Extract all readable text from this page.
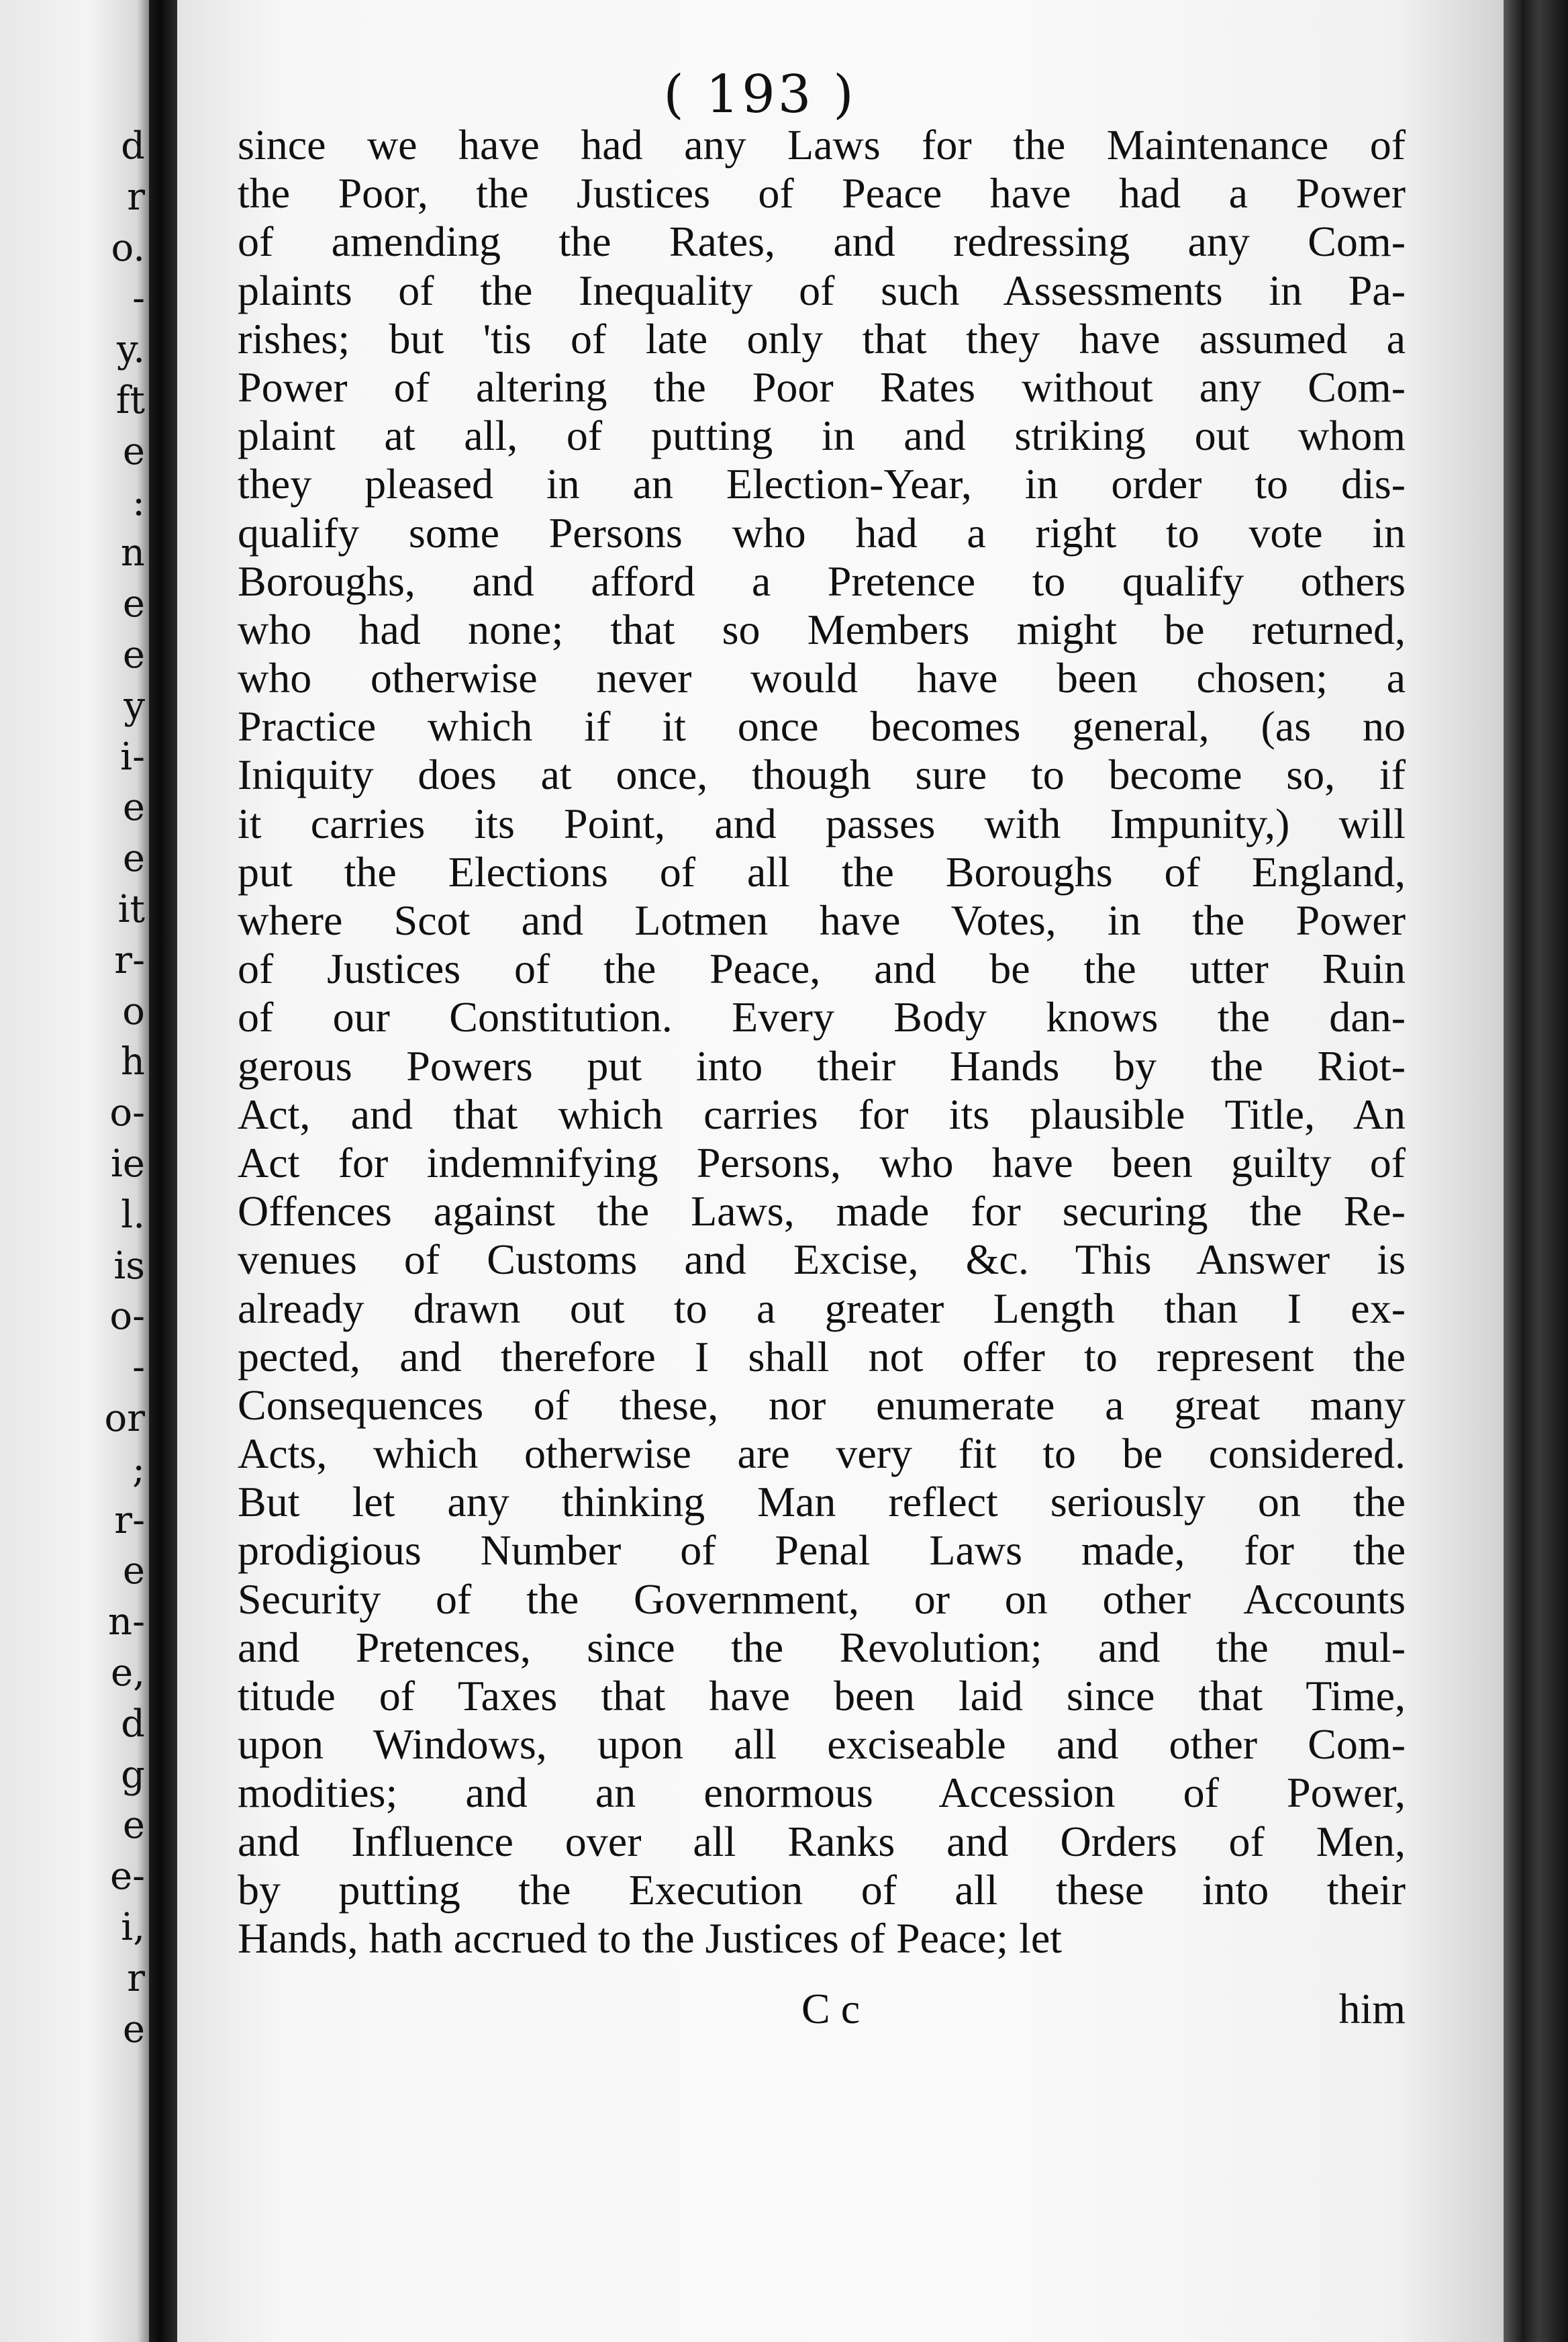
d
r
o.
-
y.
ft
e
:
n
e
e
y
i-
e
e
it
r-
o
h
o-
ie
l.
is
o-
-
or
;
r-
e
n-
e,
d
g
e
e-
i,
r
e
( 193 )
since we have had any Laws for the Maintenance of
the Poor, the Justices of Peace have had a Power
of amending the Rates, and redressing any Com-
plaints of the Inequality of such Assessments in Pa-
rishes; but 'tis of late only that they have assumed a
Power of altering the Poor Rates without any Com-
plaint at all, of putting in and striking out whom
they pleased in an Election-Year, in order to dis-
qualify some Persons who had a right to vote in
Boroughs, and afford a Pretence to qualify others
who had none; that so Members might be returned,
who otherwise never would have been chosen; a
Practice which if it once becomes general, (as no
Iniquity does at once, though sure to become so, if
it carries its Point, and passes with Impunity,) will
put the Elections of all the Boroughs of England,
where Scot and Lotmen have Votes, in the Power
of Justices of the Peace, and be the utter Ruin
of our Constitution. Every Body knows the dan-
gerous Powers put into their Hands by the Riot-
Act, and that which carries for its plausible Title, An
Act for indemnifying Persons, who have been guilty of
Offences against the Laws, made for securing the Re-
venues of Customs and Excise, &c. This Answer is
already drawn out to a greater Length than I ex-
pected, and therefore I shall not offer to represent the
Consequences of these, nor enumerate a great many
Acts, which otherwise are very fit to be considered.
But let any thinking Man reflect seriously on the
prodigious Number of Penal Laws made, for the
Security of the Government, or on other Accounts
and Pretences, since the Revolution; and the mul-
titude of Taxes that have been laid since that Time,
upon Windows, upon all exciseable and other Com-
modities; and an enormous Accession of Power,
and Influence over all Ranks and Orders of Men,
by putting the Execution of all these into their
Hands, hath accrued to the Justices of Peace; let
C c	him
